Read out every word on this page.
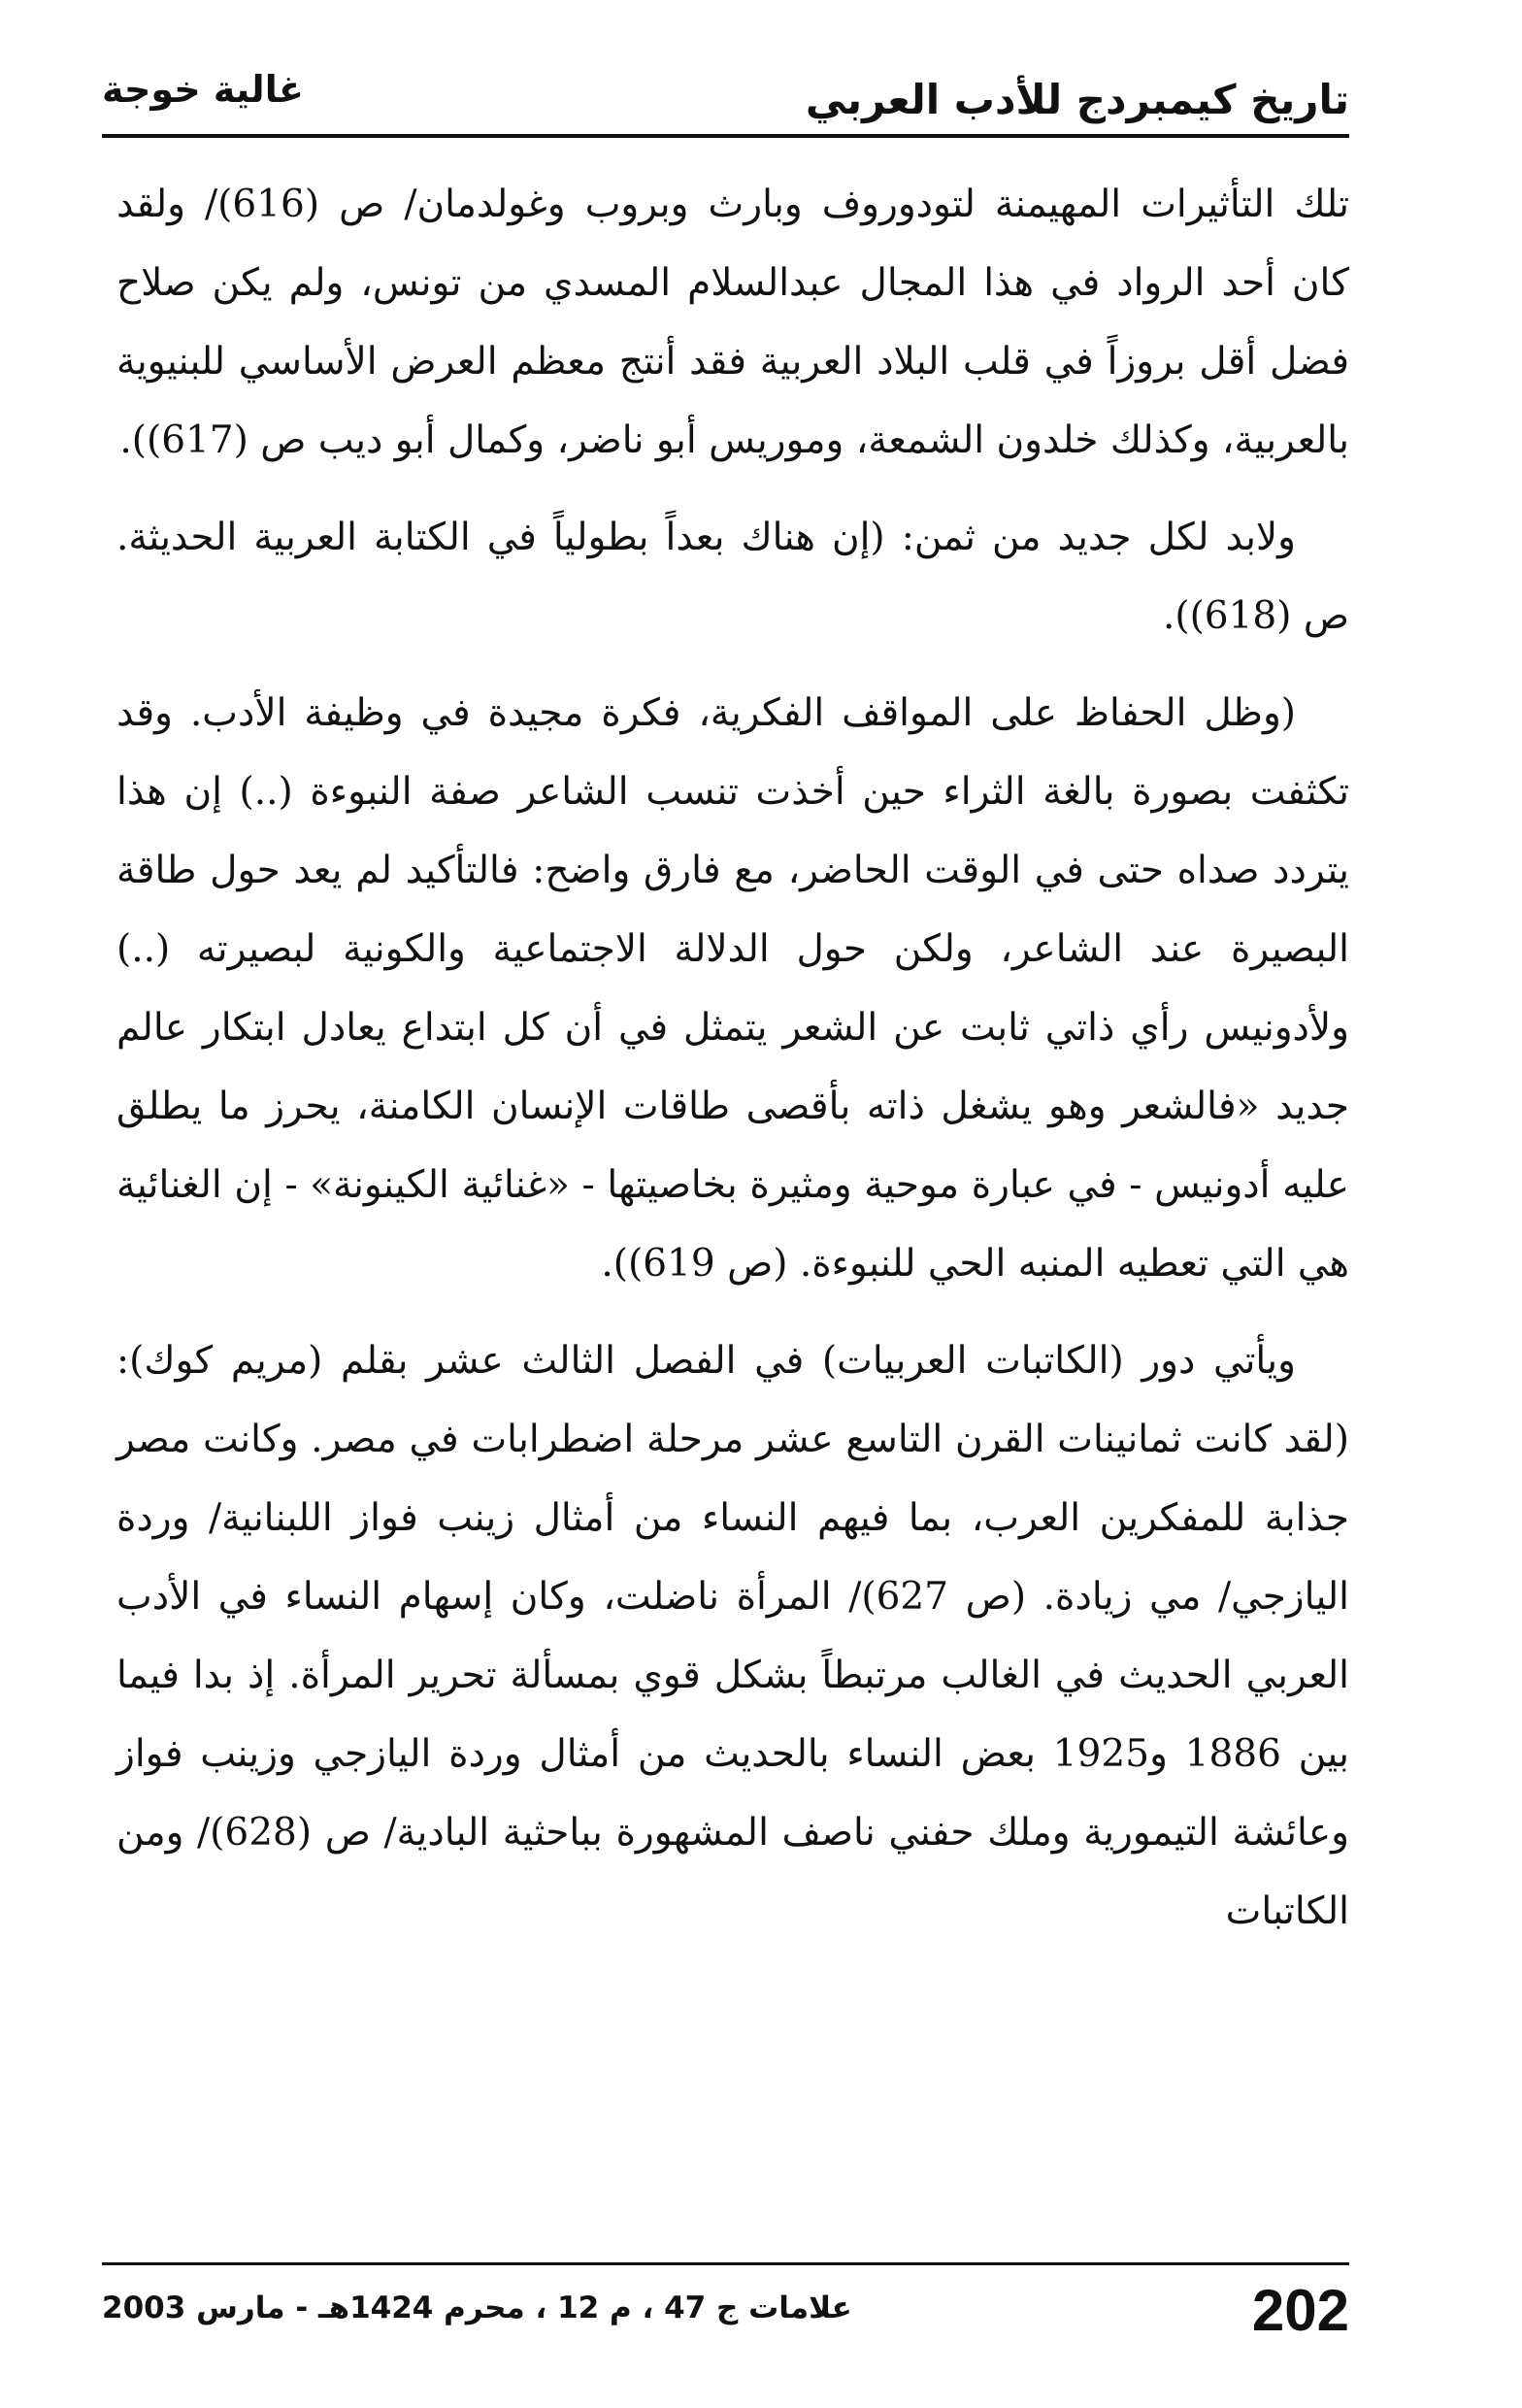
تاريخ كيمبردج للأدب العربي
غالية خوجة

تلك التأثيرات المهيمنة لتودوروف وبارث وبروب وغولدمان/ ص (616)/ ولقد كان أحد الرواد في هذا المجال عبدالسلام المسدي من تونس، ولم يكن صلاح فضل أقل بروزاً في قلب البلاد العربية فقد أنتج معظم العرض الأساسي للبنيوية بالعربية، وكذلك خلدون الشمعة، وموريس أبو ناضر، وكمال أبو ديب ص (617)).

ولابد لكل جديد من ثمن: (إن هناك بعداً بطولياً في الكتابة العربية الحديثة. ص (618)).

(وظل الحفاظ على المواقف الفكرية، فكرة مجيدة في وظيفة الأدب. وقد تكثفت بصورة بالغة الثراء حين أخذت تنسب الشاعر صفة النبوءة (..) إن هذا يتردد صداه حتى في الوقت الحاضر، مع فارق واضح: فالتأكيد لم يعد حول طاقة البصيرة عند الشاعر، ولكن حول الدلالة الاجتماعية والكونية لبصيرته (..) ولأدونيس رأي ذاتي ثابت عن الشعر يتمثل في أن كل ابتداع يعادل ابتكار عالم جديد «فالشعر وهو يشغل ذاته بأقصى طاقات الإنسان الكامنة، يحرز ما يطلق عليه أدونيس - في عبارة موحية ومثيرة بخاصيتها - «غنائية الكينونة» - إن الغنائية هي التي تعطيه المنبه الحي للنبوءة. (ص 619)).

ويأتي دور (الكاتبات العربيات) في الفصل الثالث عشر بقلم (مريم كوك): (لقد كانت ثمانينات القرن التاسع عشر مرحلة اضطرابات في مصر. وكانت مصر جذابة للمفكرين العرب، بما فيهم النساء من أمثال زينب فواز اللبنانية/ وردة اليازجي/ مي زيادة. (ص 627)/ المرأة ناضلت، وكان إسهام النساء في الأدب العربي الحديث في الغالب مرتبطاً بشكل قوي بمسألة تحرير المرأة. إذ بدا فيما بين 1886 و1925 بعض النساء بالحديث من أمثال وردة اليازجي وزينب فواز وعائشة التيمورية وملك حفني ناصف المشهورة بباحثية البادية/ ص (628)/ ومن الكاتبات

202
علامات ج 47 ، م 12 ، محرم 1424هـ - مارس 2003
